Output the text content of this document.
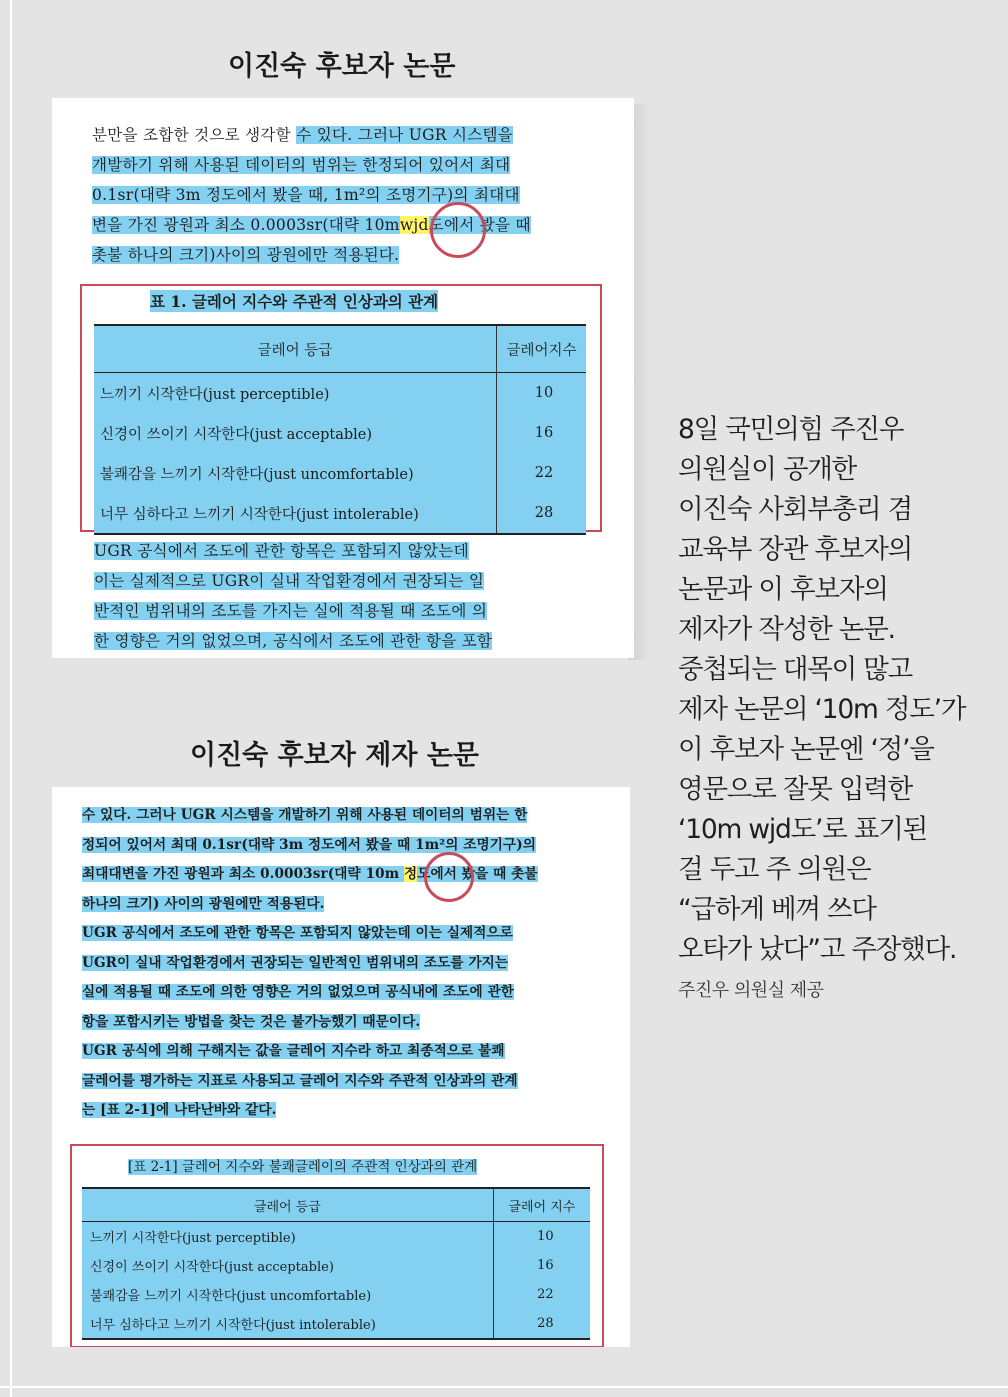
이진숙 후보자 논문
분만을 조합한 것으로 생각할 수 있다. 그러나 UGR 시스템을
개발하기 위해 사용된 데이터의 범위는 한정되어 있어서 최대
0.1sr(대략 3m 정도에서 봤을 때, 1m²의 조명기구)의 최대대
변을 가진 광원과 최소 0.0003sr(대략 10mwjd도에서 봤을 때
촛불 하나의 크기)사이의 광원에만 적용된다.
표 1. 글레어 지수와 주관적 인상과의 관계
글레어 등급	글레어지수
느끼기 시작한다(just perceptible)	10
신경이 쓰이기 시작한다(just acceptable)	16
불쾌감을 느끼기 시작한다(just uncomfortable)	22
너무 심하다고 느끼기 시작한다(just intolerable)	28
UGR 공식에서 조도에 관한 항목은 포함되지 않았는데
이는 실제적으로 UGR이 실내 작업환경에서 권장되는 일
반적인 범위내의 조도를 가지는 실에 적용될 때 조도에 의
한 영향은 거의 없었으며, 공식에서 조도에 관한 항을 포함
이진숙 후보자 제자 논문
수 있다. 그러나 UGR 시스템을 개발하기 위해 사용된 데이터의 범위는 한
정되어 있어서 최대 0.1sr(대략 3m 정도에서 봤을 때 1m²의 조명기구)의
최대대변을 가진 광원과 최소 0.0003sr(대략 10m 정도에서 봤을 때 촛불
하나의 크기) 사이의 광원에만 적용된다.
UGR 공식에서 조도에 관한 항목은 포함되지 않았는데 이는 실제적으로
UGR이 실내 작업환경에서 권장되는 일반적인 범위내의 조도를 가지는
실에 적용될 때 조도에 의한 영향은 거의 없었으며 공식내에 조도에 관한
항을 포함시키는 방법을 찾는 것은 불가능했기 때문이다.
UGR 공식에 의해 구해지는 값을 글레어 지수라 하고 최종적으로 불쾌
글레어를 평가하는 지표로 사용되고 글레어 지수와 주관적 인상과의 관계
는 [표 2-1]에 나타난바와 같다.
[표 2-1] 글레어 지수와 불쾌글레이의 주관적 인상과의 관계
글레어 등급	글레어 지수
느끼기 시작한다(just perceptible)	10
신경이 쓰이기 시작한다(just acceptable)	16
불쾌감을 느끼기 시작한다(just uncomfortable)	22
너무 심하다고 느끼기 시작한다(just intolerable)	28
8일 국민의힘 주진우
의원실이 공개한
이진숙 사회부총리 겸
교육부 장관 후보자의
논문과 이 후보자의
제자가 작성한 논문.
중첩되는 대목이 많고
제자 논문의 ‘10m 정도’가
이 후보자 논문엔 ‘정’을
영문으로 잘못 입력한
‘10m wjd도’로 표기된
걸 두고 주 의원은
“급하게 베껴 쓰다
오타가 났다”고 주장했다.
주진우 의원실 제공
